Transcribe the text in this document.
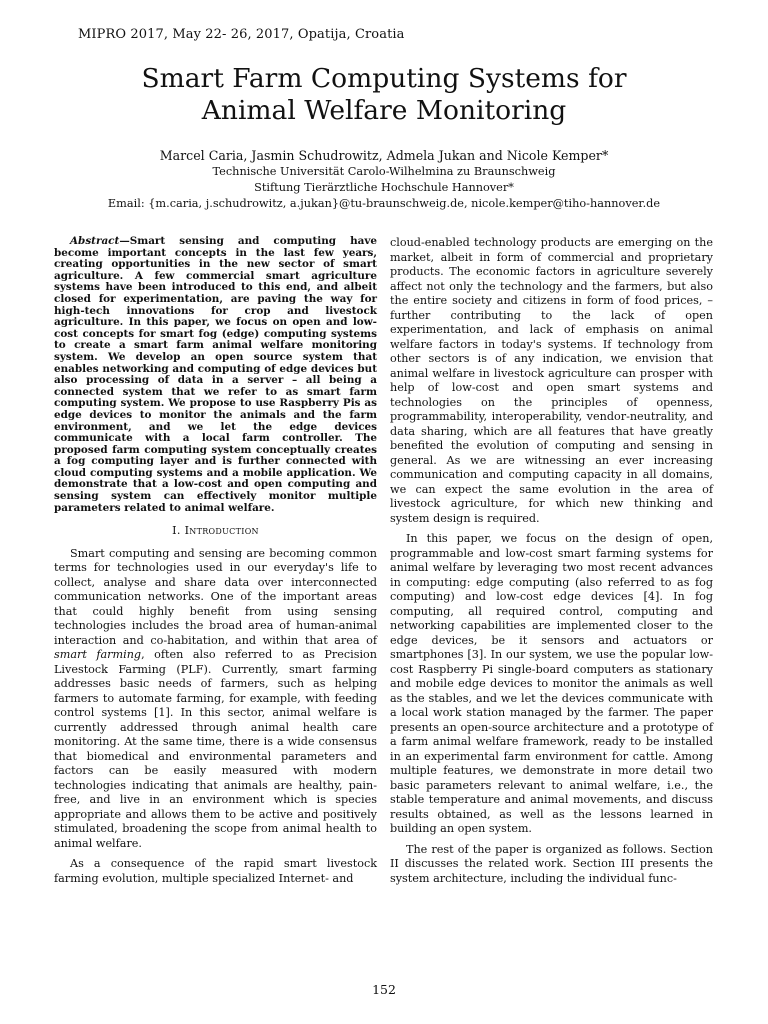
MIPRO 2017, May 22- 26, 2017, Opatija, Croatia
Smart Farm Computing Systems for
Animal Welfare Monitoring
Marcel Caria, Jasmin Schudrowitz, Admela Jukan and Nicole Kemper*
Technische Universität Carolo-Wilhelmina zu Braunschweig
Stiftung Tierärztliche Hochschule Hannover*
Email: {m.caria, j.schudrowitz, a.jukan}@tu-braunschweig.de, nicole.kemper@tiho-hannover.de

Abstract—Smart sensing and computing have become important concepts in the last few years, creating opportunities in the new sector of smart agriculture. A few commercial smart agriculture systems have been introduced to this end, and albeit closed for experimentation, are paving the way for high-tech innovations for crop and livestock agriculture. In this paper, we focus on open and low-cost concepts for smart fog (edge) computing systems to create a smart farm animal welfare monitoring system. We develop an open source system that enables networking and computing of edge devices but also processing of data in a server – all being a connected system that we refer to as smart farm computing system. We propose to use Raspberry Pis as edge devices to monitor the animals and the farm environment, and we let the edge devices communicate with a local farm controller. The proposed farm computing system conceptually creates a fog computing layer and is further connected with cloud computing systems and a mobile application. We demonstrate that a low-cost and open computing and sensing system can effectively monitor multiple parameters related to animal welfare.

I. Introduction

Smart computing and sensing are becoming common terms for technologies used in our everyday's life to collect, analyse and share data over interconnected communication networks. One of the important areas that could highly benefit from using sensing technologies includes the broad area of human-animal interaction and co-habitation, and within that area of smart farming, often also referred to as Precision Livestock Farming (PLF). Currently, smart farming addresses basic needs of farmers, such as helping farmers to automate farming, for example, with feeding control systems [1]. In this sector, animal welfare is currently addressed through animal health care monitoring. At the same time, there is a wide consensus that biomedical and environmental parameters and factors can be easily measured with modern technologies indicating that animals are healthy, pain-free, and live in an environment which is species appropriate and allows them to be active and positively stimulated, broadening the scope from animal health to animal welfare.

As a consequence of the rapid smart livestock farming evolution, multiple specialized Internet- and

cloud-enabled technology products are emerging on the market, albeit in form of commercial and proprietary products. The economic factors in agriculture severely affect not only the technology and the farmers, but also the entire society and citizens in form of food prices, – further contributing to the lack of open experimentation, and lack of emphasis on animal welfare factors in today's systems. If technology from other sectors is of any indication, we envision that animal welfare in livestock agriculture can prosper with help of low-cost and open smart systems and technologies on the principles of openness, programmability, interoperability, vendor-neutrality, and data sharing, which are all features that have greatly benefited the evolution of computing and sensing in general. As we are witnessing an ever increasing communication and computing capacity in all domains, we can expect the same evolution in the area of livestock agriculture, for which new thinking and system design is required.

In this paper, we focus on the design of open, programmable and low-cost smart farming systems for animal welfare by leveraging two most recent advances in computing: edge computing (also referred to as fog computing) and low-cost edge devices [4]. In fog computing, all required control, computing and networking capabilities are implemented closer to the edge devices, be it sensors and actuators or smartphones [3]. In our system, we use the popular low-cost Raspberry Pi single-board computers as stationary and mobile edge devices to monitor the animals as well as the stables, and we let the devices communicate with a local work station managed by the farmer. The paper presents an open-source architecture and a prototype of a farm animal welfare framework, ready to be installed in an experimental farm environment for cattle. Among multiple features, we demonstrate in more detail two basic parameters relevant to animal welfare, i.e., the stable temperature and animal movements, and discuss results obtained, as well as the lessons learned in building an open system.

The rest of the paper is organized as follows. Section II discusses the related work. Section III presents the system architecture, including the individual func-

152
